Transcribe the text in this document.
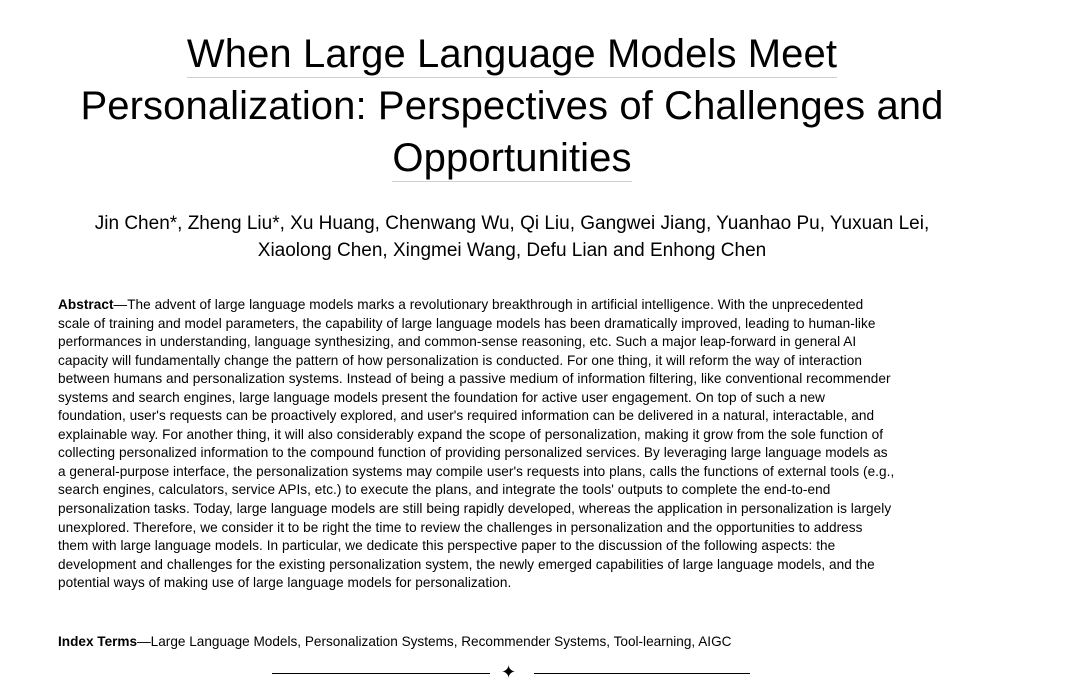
When Large Language Models Meet
Personalization: Perspectives of Challenges and
Opportunities
Jin Chen*, Zheng Liu*, Xu Huang, Chenwang Wu, Qi Liu, Gangwei Jiang, Yuanhao Pu, Yuxuan Lei,
Xiaolong Chen, Xingmei Wang, Defu Lian and Enhong Chen
Abstract—The advent of large language models marks a revolutionary breakthrough in artificial intelligence. With the unprecedented
scale of training and model parameters, the capability of large language models has been dramatically improved, leading to human-like
performances in understanding, language synthesizing, and common-sense reasoning, etc. Such a major leap-forward in general AI
capacity will fundamentally change the pattern of how personalization is conducted. For one thing, it will reform the way of interaction
between humans and personalization systems. Instead of being a passive medium of information filtering, like conventional recommender
systems and search engines, large language models present the foundation for active user engagement. On top of such a new
foundation, user's requests can be proactively explored, and user's required information can be delivered in a natural, interactable, and
explainable way. For another thing, it will also considerably expand the scope of personalization, making it grow from the sole function of
collecting personalized information to the compound function of providing personalized services. By leveraging large language models as
a general-purpose interface, the personalization systems may compile user's requests into plans, calls the functions of external tools (e.g.,
search engines, calculators, service APIs, etc.) to execute the plans, and integrate the tools' outputs to complete the end-to-end
personalization tasks. Today, large language models are still being rapidly developed, whereas the application in personalization is largely
unexplored. Therefore, we consider it to be right the time to review the challenges in personalization and the opportunities to address
them with large language models. In particular, we dedicate this perspective paper to the discussion of the following aspects: the
development and challenges for the existing personalization system, the newly emerged capabilities of large language models, and the
potential ways of making use of large language models for personalization.
Index Terms—Large Language Models, Personalization Systems, Recommender Systems, Tool-learning, AIGC
✦
